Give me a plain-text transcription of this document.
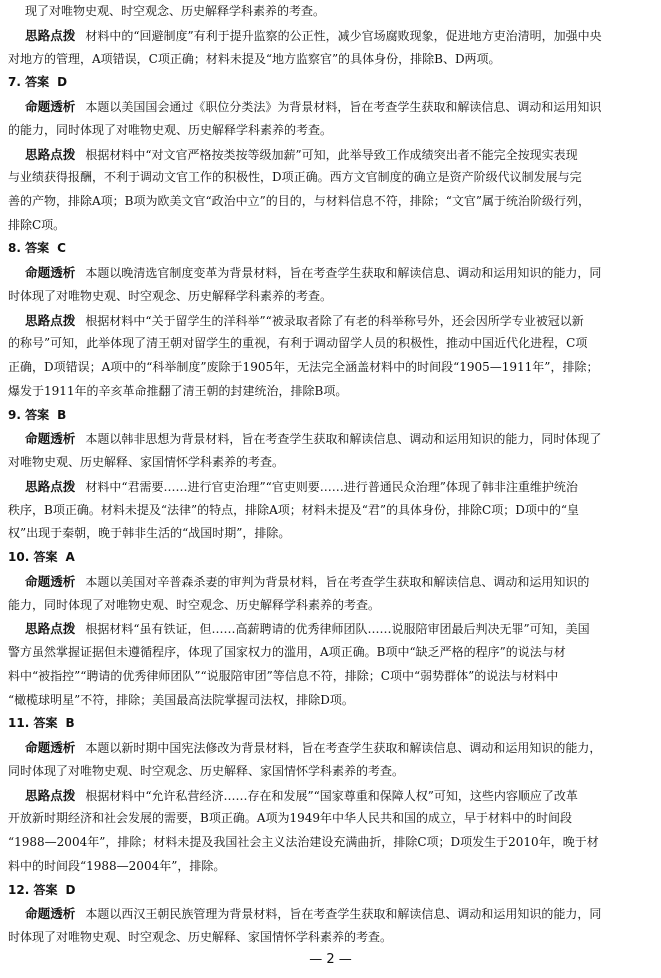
现了对唯物史观、时空观念、历史解释学科素养的考查。
思路点拨 材料中的“回避制度”有利于提升监察的公正性，减少官场腐败现象，促进地方吏治清明，加强中央
对地方的管理，A项错误，C项正确；材料未提及“地方监察官”的具体身份，排除B、D两项。
7. 答案 D
命题透析 本题以美国国会通过《职位分类法》为背景材料，旨在考查学生获取和解读信息、调动和运用知识
的能力，同时体现了对唯物史观、历史解释学科素养的考查。
思路点拨 根据材料中“对文官严格按类按等级加薪”可知，此举导致工作成绩突出者不能完全按现实表现
与业绩获得报酬，不利于调动文官工作的积极性，D项正确。西方文官制度的确立是资产阶级代议制发展与完
善的产物，排除A项；B项为欧美文官“政治中立”的目的，与材料信息不符，排除；“文官”属于统治阶级行列，
排除C项。
8. 答案 C
命题透析 本题以晚清选官制度变革为背景材料，旨在考查学生获取和解读信息、调动和运用知识的能力，同
时体现了对唯物史观、时空观念、历史解释学科素养的考查。
思路点拨 根据材料中“关于留学生的洋科举”“被录取者除了有老的科举称号外，还会因所学专业被冠以新
的称号”可知，此举体现了清王朝对留学生的重视，有利于调动留学人员的积极性，推动中国近代化进程，C项
正确，D项错误；A项中的“科举制度”废除于1905年，无法完全涵盖材料中的时间段“1905—1911年”，排除；
爆发于1911年的辛亥革命推翻了清王朝的封建统治，排除B项。
9. 答案 B
命题透析 本题以韩非思想为背景材料，旨在考查学生获取和解读信息、调动和运用知识的能力，同时体现了
对唯物史观、历史解释、家国情怀学科素养的考查。
思路点拨 材料中“君需要……进行官吏治理”“官吏则要……进行普通民众治理”体现了韩非注重维护统治
秩序，B项正确。材料未提及“法律”的特点，排除A项；材料未提及“君”的具体身份，排除C项；D项中的“皇
权”出现于秦朝，晚于韩非生活的“战国时期”，排除。
10. 答案 A
命题透析 本题以美国对辛普森杀妻的审判为背景材料，旨在考查学生获取和解读信息、调动和运用知识的
能力，同时体现了对唯物史观、时空观念、历史解释学科素养的考查。
思路点拨 根据材料“虽有铁证，但……高薪聘请的优秀律师团队……说服陪审团最后判决无罪”可知，美国
警方虽然掌握证据但未遵循程序，体现了国家权力的滥用，A项正确。B项中“缺乏严格的程序”的说法与材
料中“被指控”“聘请的优秀律师团队”“说服陪审团”等信息不符，排除；C项中“弱势群体”的说法与材料中
“橄榄球明星”不符，排除；美国最高法院掌握司法权，排除D项。
11. 答案 B
命题透析 本题以新时期中国宪法修改为背景材料，旨在考查学生获取和解读信息、调动和运用知识的能力，
同时体现了对唯物史观、时空观念、历史解释、家国情怀学科素养的考查。
思路点拨 根据材料中“允许私营经济……存在和发展”“国家尊重和保障人权”可知，这些内容顺应了改革
开放新时期经济和社会发展的需要，B项正确。A项为1949年中华人民共和国的成立，早于材料中的时间段
“1988—2004年”，排除；材料未提及我国社会主义法治建设充满曲折，排除C项；D项发生于2010年，晚于材
料中的时间段“1988—2004年”，排除。
12. 答案 D
命题透析 本题以西汉王朝民族管理为背景材料，旨在考查学生获取和解读信息、调动和运用知识的能力，同
时体现了对唯物史观、时空观念、历史解释、家国情怀学科素养的考查。
— 2 —
